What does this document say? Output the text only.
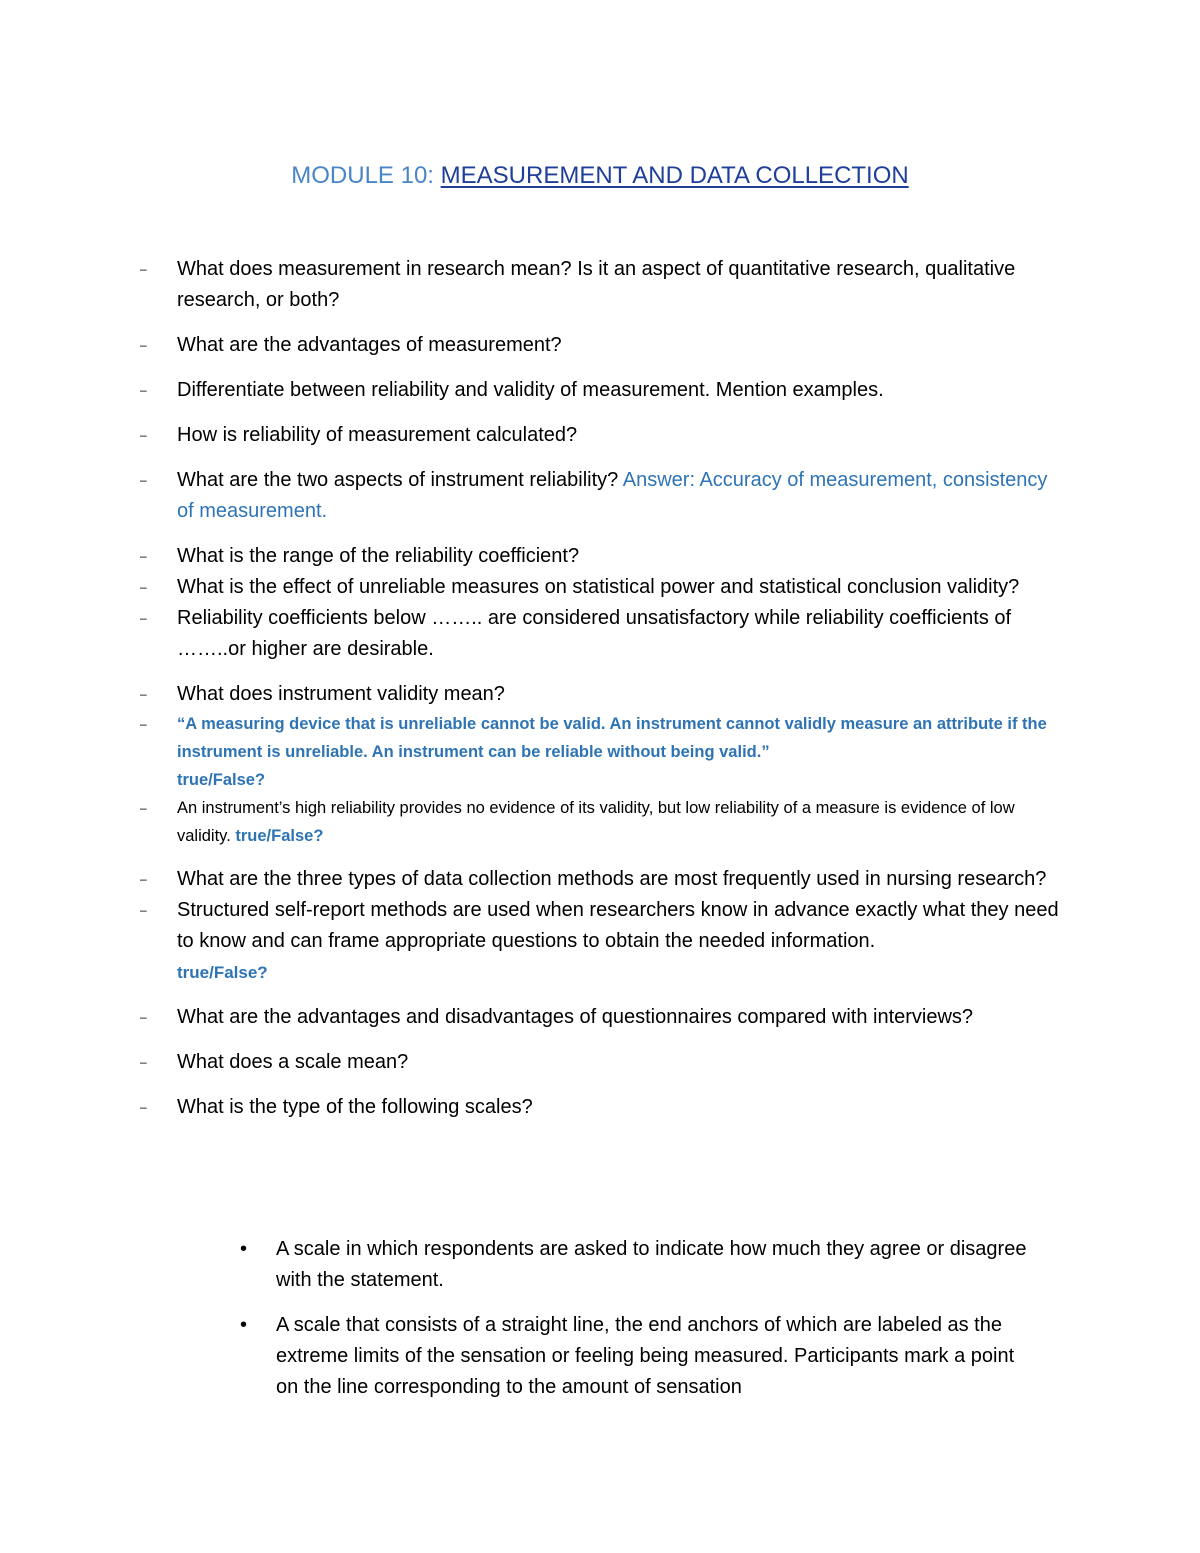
MODULE 10: MEASUREMENT AND DATA COLLECTION
– What does measurement in research mean? Is it an aspect of quantitative research, qualitative research, or both?
– What are the advantages of measurement?
– Differentiate between reliability and validity of measurement. Mention examples.
– How is reliability of measurement calculated?
– What are the two aspects of instrument reliability? Answer: Accuracy of measurement, consistency of measurement.
– What is the range of the reliability coefficient?
– What is the effect of unreliable measures on statistical power and statistical conclusion validity?
– Reliability coefficients below …….. are considered unsatisfactory while reliability coefficients of ……..or higher are desirable.
– What does instrument validity mean?
–	“A measuring device that is unreliable cannot be valid. An instrument cannot validly measure an attribute if the instrument is unreliable. An instrument can be reliable without being valid.”
true/False?
–	An instrument’s high reliability provides no evidence of its validity, but low reliability of a measure is evidence of low validity. true/False?
– What are the three types of data collection methods are most frequently used in nursing research?
– Structured self-report methods are used when researchers know in advance exactly what they need to know and can frame appropriate questions to obtain the needed information.
true/False?
– What are the advantages and disadvantages of questionnaires compared with interviews?
– What does a scale mean?
– What is the type of the following scales?
• A scale in which respondents are asked to indicate how much they agree or disagree with the statement.
• A scale that consists of a straight line, the end anchors of which are labeled as the extreme limits of the sensation or feeling being measured. Participants mark a point on the line corresponding to the amount of sensation
